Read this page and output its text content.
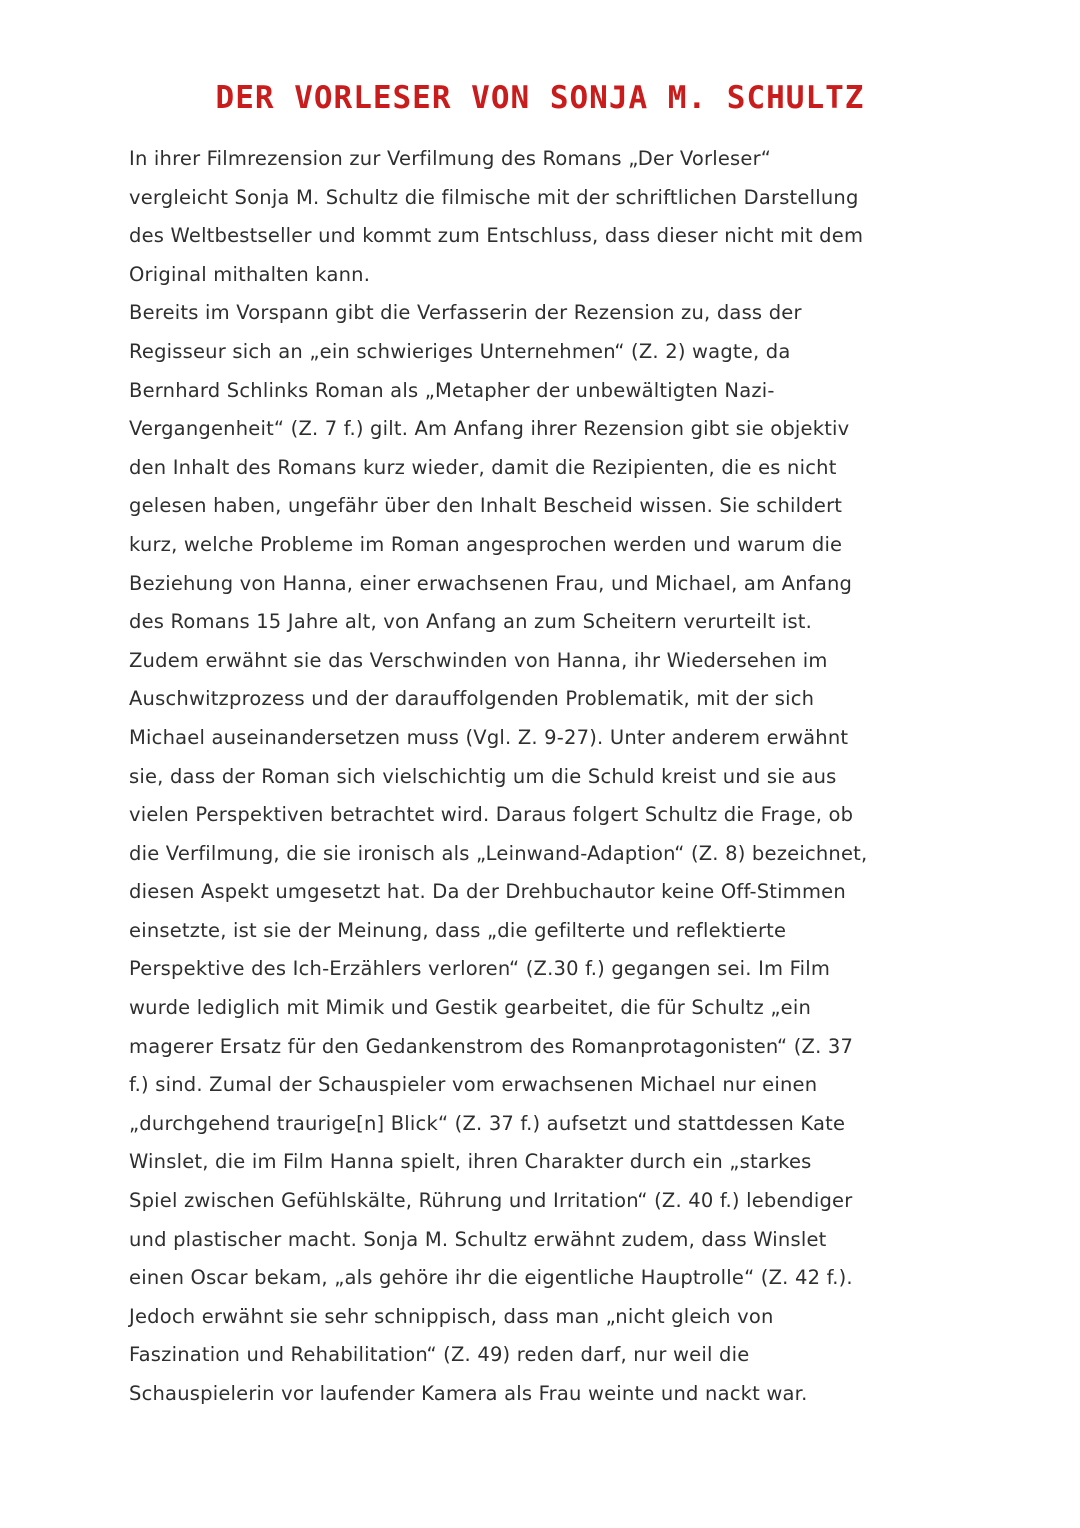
DER VORLESER VON SONJA M. SCHULTZ
In ihrer Filmrezension zur Verfilmung des Romans „Der Vorleser“
vergleicht Sonja M. Schultz die filmische mit der schriftlichen Darstellung
des Weltbestseller und kommt zum Entschluss, dass dieser nicht mit dem
Original mithalten kann.
Bereits im Vorspann gibt die Verfasserin der Rezension zu, dass der
Regisseur sich an „ein schwieriges Unternehmen“ (Z. 2) wagte, da
Bernhard Schlinks Roman als „Metapher der unbewältigten Nazi-
Vergangenheit“ (Z. 7 f.) gilt. Am Anfang ihrer Rezension gibt sie objektiv
den Inhalt des Romans kurz wieder, damit die Rezipienten, die es nicht
gelesen haben, ungefähr über den Inhalt Bescheid wissen. Sie schildert
kurz, welche Probleme im Roman angesprochen werden und warum die
Beziehung von Hanna, einer erwachsenen Frau, und Michael, am Anfang
des Romans 15 Jahre alt, von Anfang an zum Scheitern verurteilt ist.
Zudem erwähnt sie das Verschwinden von Hanna, ihr Wiedersehen im
Auschwitzprozess und der darauffolgenden Problematik, mit der sich
Michael auseinandersetzen muss (Vgl. Z. 9-27). Unter anderem erwähnt
sie, dass der Roman sich vielschichtig um die Schuld kreist und sie aus
vielen Perspektiven betrachtet wird. Daraus folgert Schultz die Frage, ob
die Verfilmung, die sie ironisch als „Leinwand-Adaption“ (Z. 8) bezeichnet,
diesen Aspekt umgesetzt hat. Da der Drehbuchautor keine Off-Stimmen
einsetzte, ist sie der Meinung, dass „die gefilterte und reflektierte
Perspektive des Ich-Erzählers verloren“ (Z.30 f.) gegangen sei. Im Film
wurde lediglich mit Mimik und Gestik gearbeitet, die für Schultz „ein
magerer Ersatz für den Gedankenstrom des Romanprotagonisten“ (Z. 37
f.) sind. Zumal der Schauspieler vom erwachsenen Michael nur einen
„durchgehend traurige[n] Blick“ (Z. 37 f.) aufsetzt und stattdessen Kate
Winslet, die im Film Hanna spielt, ihren Charakter durch ein „starkes
Spiel zwischen Gefühlskälte, Rührung und Irritation“ (Z. 40 f.) lebendiger
und plastischer macht. Sonja M. Schultz erwähnt zudem, dass Winslet
einen Oscar bekam, „als gehöre ihr die eigentliche Hauptrolle“ (Z. 42 f.).
Jedoch erwähnt sie sehr schnippisch, dass man „nicht gleich von
Faszination und Rehabilitation“ (Z. 49) reden darf, nur weil die
Schauspielerin vor laufender Kamera als Frau weinte und nackt war.
